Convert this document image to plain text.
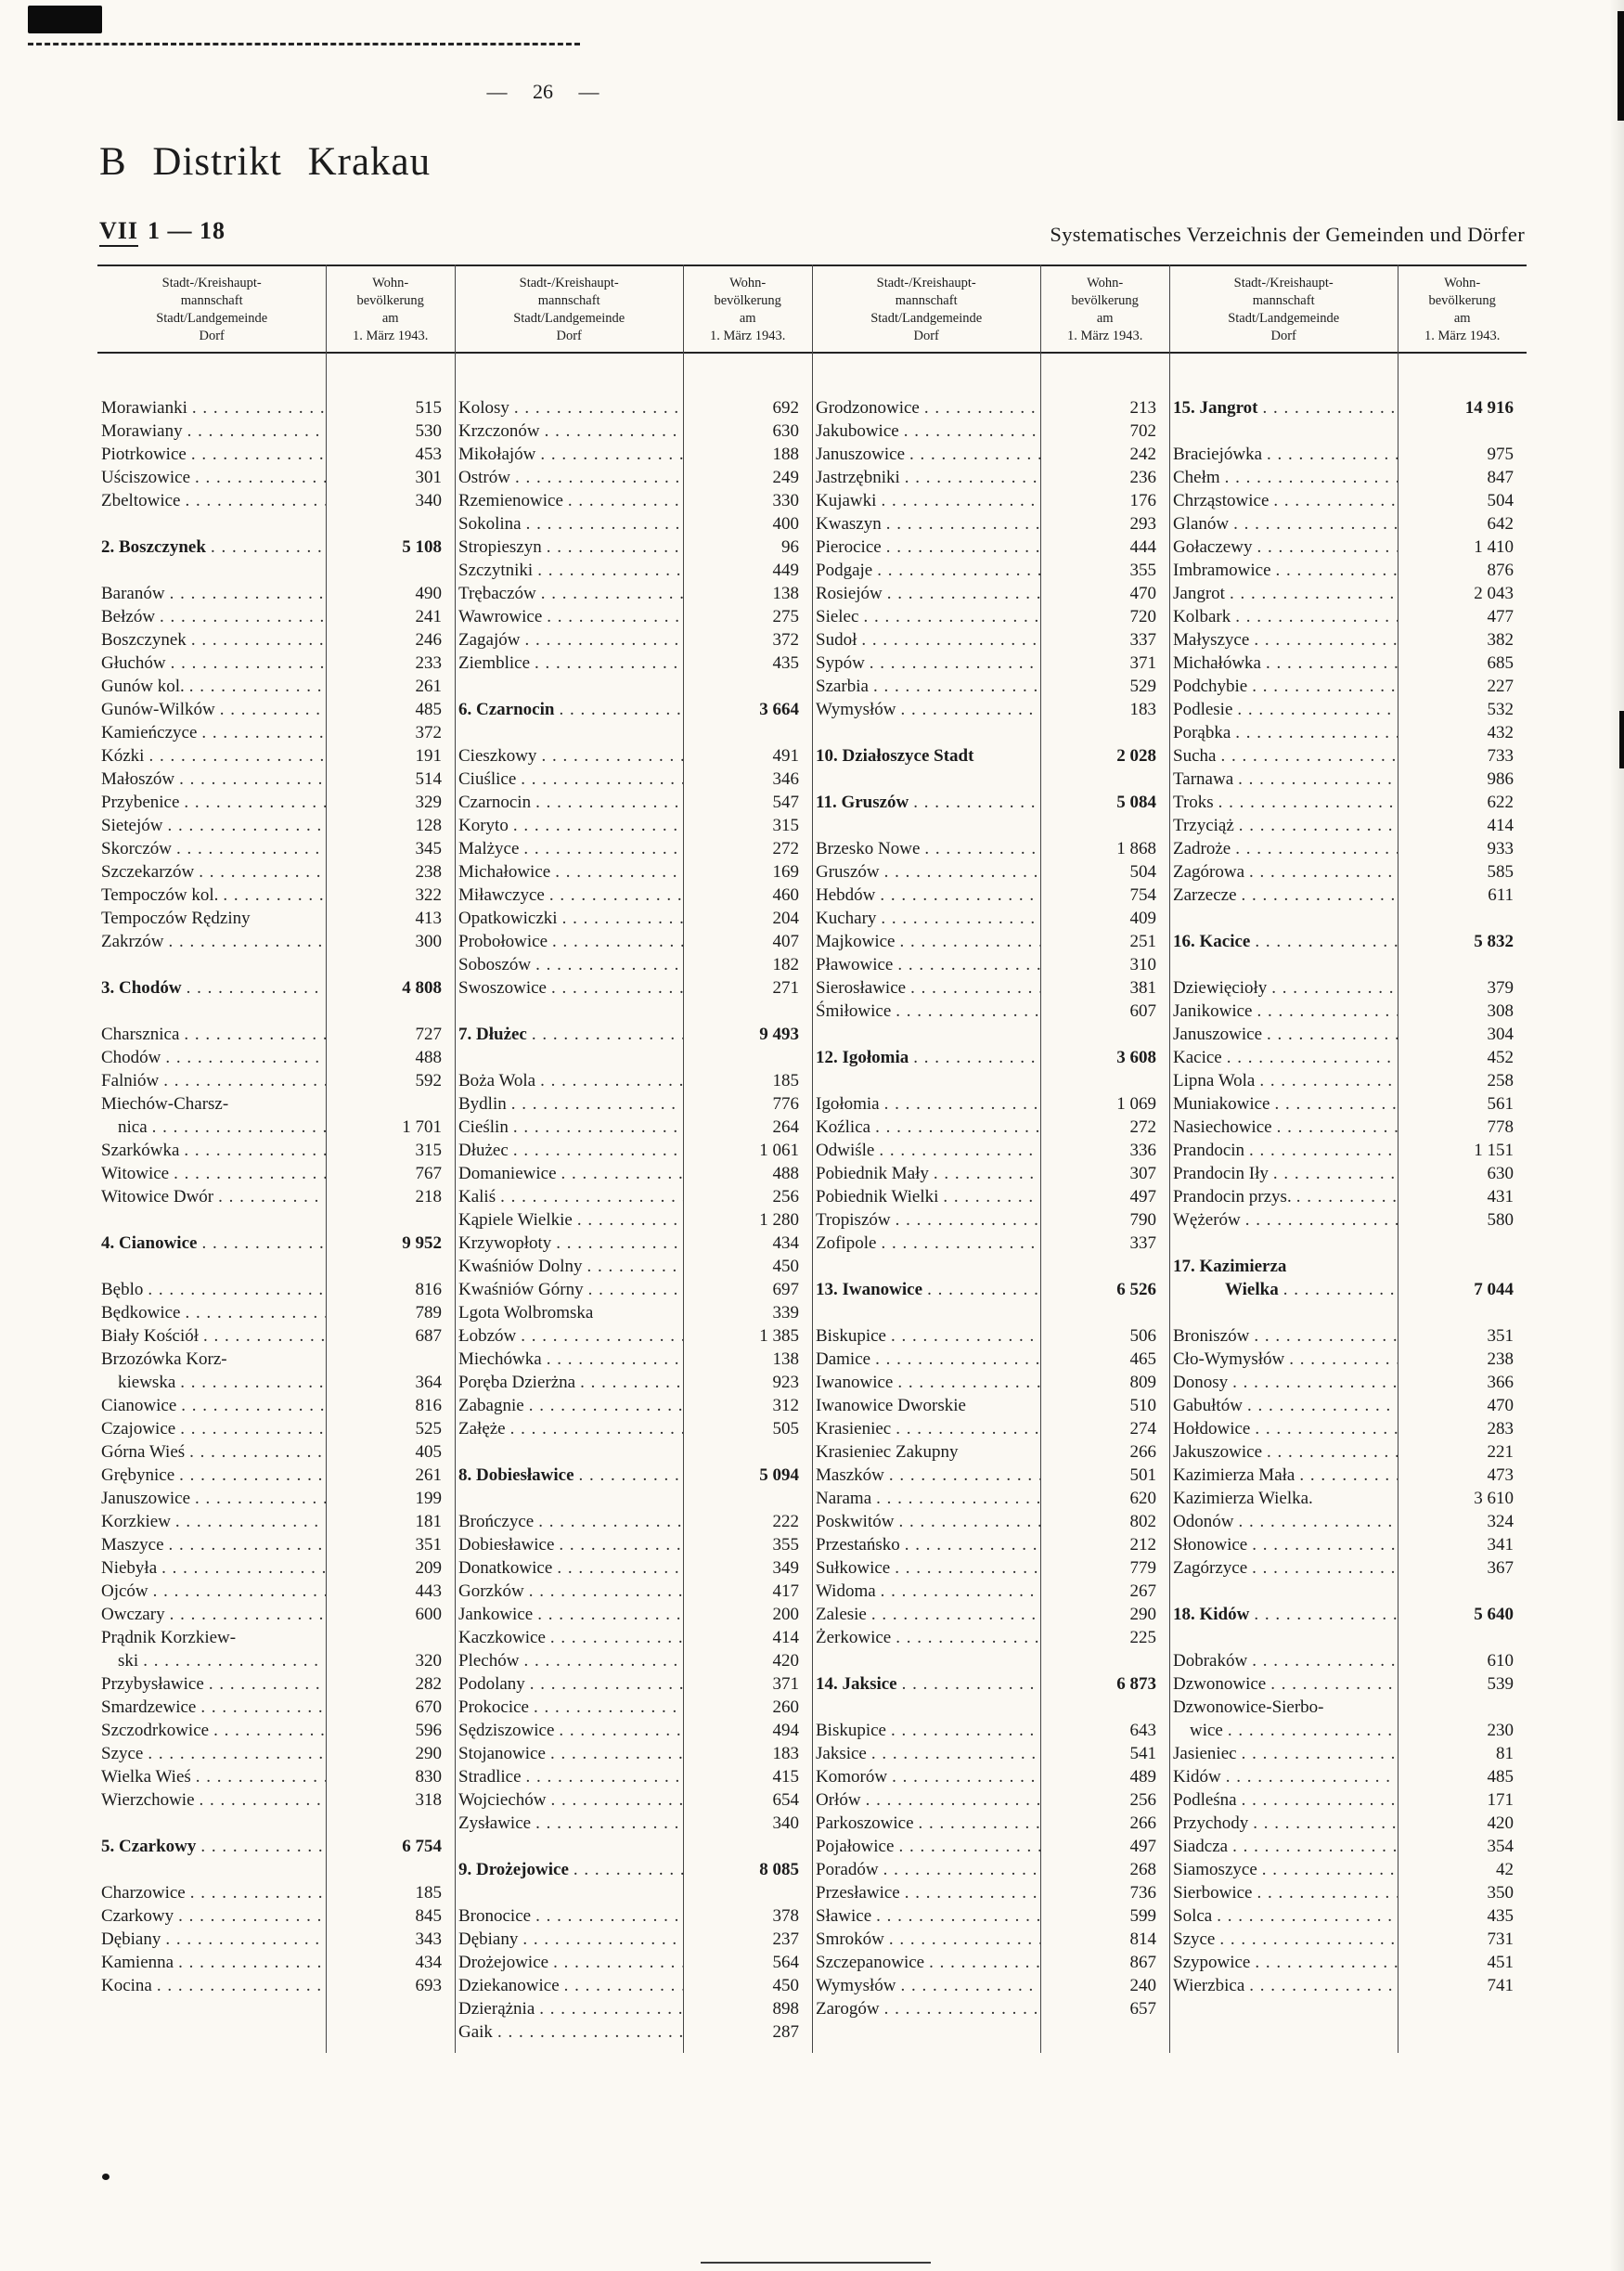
— 26 —
B Distrikt Krakau
VII 1 — 18	Systematisches Verzeichnis der Gemeinden und Dörfer
Stadt-/Kreishaupt-
mannschaft
Stadt/Landgemeinde
Dorf
Wohn-
bevölkerung
am
1. März 1943.
Stadt-/Kreishaupt-
mannschaft
Stadt/Landgemeinde
Dorf
Wohn-
bevölkerung
am
1. März 1943.
Stadt-/Kreishaupt-
mannschaft
Stadt/Landgemeinde
Dorf
Wohn-
bevölkerung
am
1. März 1943.
Stadt-/Kreishaupt-
mannschaft
Stadt/Landgemeinde
Dorf
Wohn-
bevölkerung
am
1. März 1943.
Morawianki . . .	515
Morawiany . . .	530
Piotrkowice . . .	453
Uściszowice . . .	301
Zbeltowice . . .	340
2. Boszczynek . . .	5 108
Baranów . . .	490
Bełzów . . .	241
Boszczynek . . .	246
Głuchów . . .	233
Gunów kol. . . .	261
Gunów-Wilków . . .	485
Kamieńczyce . . .	372
Kózki . . .	191
Małoszów . . .	514
Przybenice . . .	329
Sietejów . . .	128
Skorczów . . .	345
Szczekarzów . . .	238
Tempoczów kol. . . .	322
Tempoczów Rędziny	413
Zakrzów . . .	300
3. Chodów . . .	4 808
Charsznica . . .	727
Chodów . . .	488
Falniów . . .	592
Miechów-Charsz-
nica . . .	1 701
Szarkówka . . .	315
Witowice . . .	767
Witowice Dwór . . .	218
4. Cianowice . . .	9 952
Bęblo . . .	816
Będkowice . . .	789
Biały Kościół . . .	687
Brzozówka Korz-
kiewska . . .	364
Cianowice . . .	816
Czajowice . . .	525
Górna Wieś . . .	405
Grębynice . . .	261
Januszowice . . .	199
Korzkiew . . .	181
Maszyce . . .	351
Niebyła . . .	209
Ojców . . .	443
Owczary . . .	600
Prądnik Korzkiew-
ski . . .	320
Przybysławice . . .	282
Smardzewice . . .	670
Szczodrkowice . . .	596
Szyce . . .	290
Wielka Wieś . . .	830
Wierzchowie . . .	318
5. Czarkowy . . .	6 754
Charzowice . . .	185
Czarkowy . . .	845
Dębiany . . .	343
Kamienna . . .	434
Kocina . . .	693
Kolosy . . .	692
Krzczonów . . .	630
Mikołajów . . .	188
Ostrów . . .	249
Rzemienowice . . .	330
Sokolina . . .	400
Stropieszyn . . .	96
Szczytniki . . .	449
Trębaczów . . .	138
Wawrowice . . .	275
Zagajów . . .	372
Ziemblice . . .	435
6. Czarnocin . . .	3 664
Cieszkowy . . .	491
Ciuślice . . .	346
Czarnocin . . .	547
Koryto . . .	315
Malżyce . . .	272
Michałowice . . .	169
Miławczyce . . .	460
Opatkowiczki . . .	204
Probołowice . . .	407
Soboszów . . .	182
Swoszowice . . .	271
7. Dłużec . . .	9 493
Boża Wola . . .	185
Bydlin . . .	776
Cieślin . . .	264
Dłużec . . .	1 061
Domaniewice . . .	488
Kaliś . . .	256
Kąpiele Wielkie . . .	1 280
Krzywopłoty . . .	434
Kwaśniów Dolny . . .	450
Kwaśniów Górny . . .	697
Lgota Wolbromska	339
Łobzów . . .	1 385
Miechówka . . .	138
Poręba Dzierżna . . .	923
Zabagnie . . .	312
Załęże . . .	505
8. Dobiesławice . . .	5 094
Brończyce . . .	222
Dobiesławice . . .	355
Donatkowice . . .	349
Gorzków . . .	417
Jankowice . . .	200
Kaczkowice . . .	414
Plechów . . .	420
Podolany . . .	371
Prokocice . . .	260
Sędziszowice . . .	494
Stojanowice . . .	183
Stradlice . . .	415
Wojciechów . . .	654
Zysławice . . .	340
9. Drożejowice . . .	8 085
Bronocice . . .	378
Dębiany . . .	237
Drożejowice . . .	564
Dziekanowice . . .	450
Dzierążnia . . .	898
Gaik . . .	287
Grodzonowice . . .	213
Jakubowice . . .	702
Januszowice . . .	242
Jastrzębniki . . .	236
Kujawki . . .	176
Kwaszyn . . .	293
Pierocice . . .	444
Podgaje . . .	355
Rosiejów . . .	470
Sielec . . .	720
Sudoł . . .	337
Sypów . . .	371
Szarbia . . .	529
Wymysłów . . .	183
10. Działoszyce Stadt	2 028
11. Gruszów . . .	5 084
Brzesko Nowe . . .	1 868
Gruszów . . .	504
Hebdów . . .	754
Kuchary . . .	409
Majkowice . . .	251
Pławowice . . .	310
Sierosławice . . .	381
Śmiłowice . . .	607
12. Igołomia . . .	3 608
Igołomia . . .	1 069
Koźlica . . .	272
Odwiśle . . .	336
Pobiednik Mały . . .	307
Pobiednik Wielki . . .	497
Tropiszów . . .	790
Zofipole . . .	337
13. Iwanowice . . .	6 526
Biskupice . . .	506
Damice . . .	465
Iwanowice . . .	809
Iwanowice Dworskie	510
Krasieniec . . .	274
Krasieniec Zakupny	266
Maszków . . .	501
Narama . . .	620
Poskwitów . . .	802
Przestańsko . . .	212
Sułkowice . . .	779
Widoma . . .	267
Zalesie . . .	290
Żerkowice . . .	225
14. Jaksice . . .	6 873
Biskupice . . .	643
Jaksice . . .	541
Komorów . . .	489
Orłów . . .	256
Parkoszowice . . .	266
Pojałowice . . .	497
Poradów . . .	268
Przesławice . . .	736
Sławice . . .	599
Smroków . . .	814
Szczepanowice . . .	867
Wymysłów . . .	240
Zarogów . . .	657
15. Jangrot . . .	14 916
Braciejówka . . .	975
Chełm . . .	847
Chrząstowice . . .	504
Glanów . . .	642
Gołaczewy . . .	1 410
Imbramowice . . .	876
Jangrot . . .	2 043
Kolbark . . .	477
Małyszyce . . .	382
Michałówka . . .	685
Podchybie . . .	227
Podlesie . . .	532
Porąbka . . .	432
Sucha . . .	733
Tarnawa . . .	986
Troks . . .	622
Trzyciąż . . .	414
Zadroże . . .	933
Zagórowa . . .	585
Zarzecze . . .	611
16. Kacice . . .	5 832
Dziewięcioły . . .	379
Janikowice . . .	308
Januszowice . . .	304
Kacice . . .	452
Lipna Wola . . .	258
Muniakowice . . .	561
Nasiechowice . . .	778
Prandocin . . .	1 151
Prandocin Iły . . .	630
Prandocin przys. . . .	431
Wężerów . . .	580
17. Kazimierza
Wielka . . .	7 044
Broniszów . . .	351
Cło-Wymysłów . . .	238
Donosy . . .	366
Gabułtów . . .	470
Hołdowice . . .	283
Jakuszowice . . .	221
Kazimierza Mała . . .	473
Kazimierza Wielka.	3 610
Odonów . . .	324
Słonowice . . .	341
Zagórzyce . . .	367
18. Kidów . . .	5 640
Dobraków . . .	610
Dzwonowice . . .	539
Dzwonowice-Sierbo-
wice . . .	230
Jasieniec . . .	81
Kidów . . .	485
Podleśna . . .	171
Przychody . . .	420
Siadcza . . .	354
Siamoszyce . . .	42
Sierbowice . . .	350
Solca . . .	435
Szyce . . .	731
Szypowice . . .	451
Wierzbica . . .	741
